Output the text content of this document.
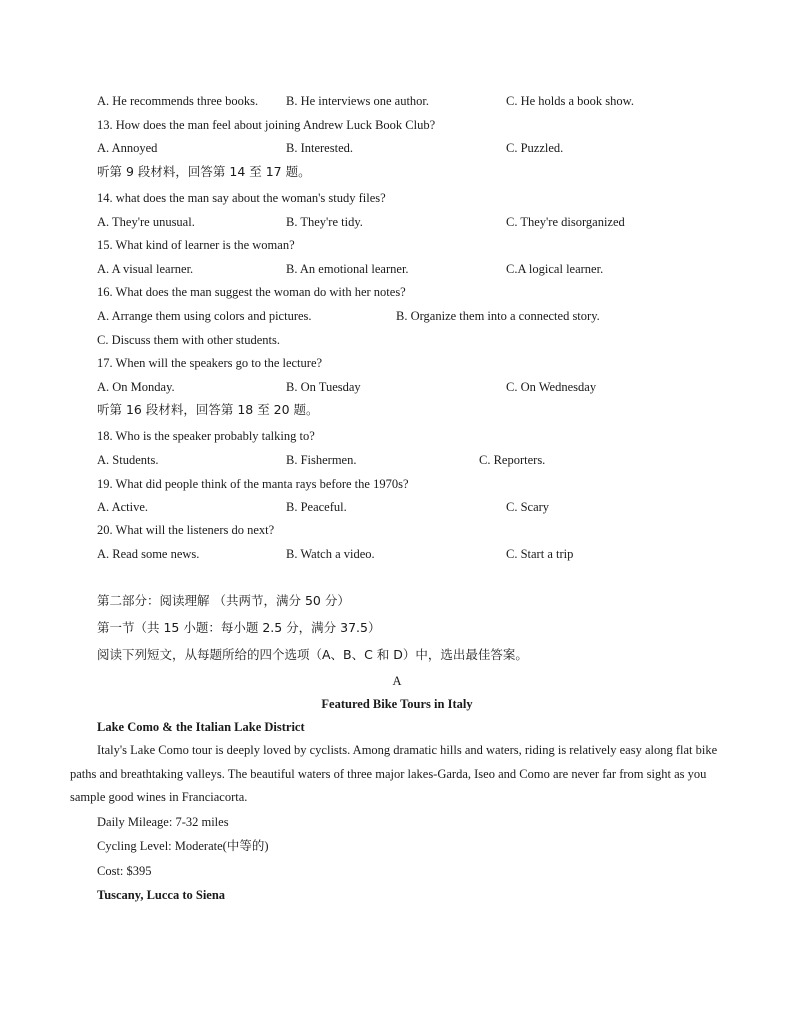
A. He recommends three books. B. He interviews one author.	C. He holds a book show.
13. How does the man feel about joining Andrew Luck Book Club?
A. Annoyed	B. Interested.	C. Puzzled.
听第 9 段材料，回答第 14 至 17 题。
14. what does the man say about the woman's study files?
A. They're unusual.	B. They're tidy.	C. They're disorganized
15. What kind of learner is the woman?
A. A visual learner.	B. An emotional learner.	C.A logical learner.
16. What does the man suggest the woman do with her notes?
A. Arrange them using colors and pictures.	B. Organize them into a connected story.
C. Discuss them with other students.
17. When will the speakers go to the lecture?
A. On Monday.	B. On Tuesday	C. On Wednesday
听第 16 段材料，回答第 18 至 20 题。
18. Who is the speaker probably talking to?
A. Students.	B. Fishermen.	C. Reporters.
19. What did people think of the manta rays before the 1970s?
A. Active.	B. Peaceful.	C. Scary
20. What will the listeners do next?
A. Read some news.	B. Watch a video.	C. Start a trip
第二部分：阅读理解 （共两节，满分 50 分）
第一节（共 15 小题：每小题 2.5 分，满分 37.5）
阅读下列短文，从每题所给的四个选项（A、B、C 和 D）中，选出最佳答案。
A
Featured Bike Tours in Italy
Lake Como & the Italian Lake District
Italy's Lake Como tour is deeply loved by cyclists. Among dramatic hills and waters, riding is relatively easy along flat bike paths and breathtaking valleys. The beautiful waters of three major lakes-Garda, Iseo and Como are never far from sight as you sample good wines in Franciacorta.
Daily Mileage: 7-32 miles
Cycling Level: Moderate(中等的)
Cost: $395
Tuscany, Lucca to Siena
